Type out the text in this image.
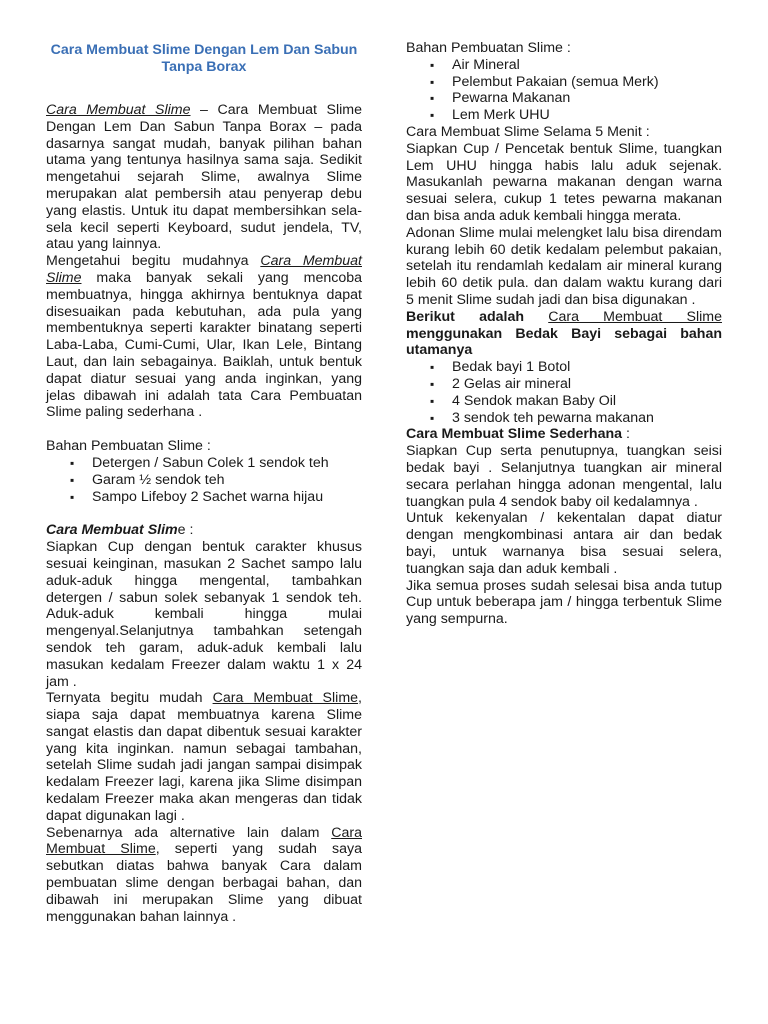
Cara Membuat Slime Dengan Lem Dan Sabun Tanpa Borax

Cara Membuat Slime – Cara Membuat Slime Dengan Lem Dan Sabun Tanpa Borax – pada dasarnya sangat mudah, banyak pilihan bahan utama yang tentunya hasilnya sama saja. Sedikit mengetahui sejarah Slime, awalnya Slime merupakan alat pembersih atau penyerap debu yang elastis. Untuk itu dapat membersihkan sela-sela kecil seperti Keyboard, sudut jendela, TV, atau yang lainnya.

Mengetahui begitu mudahnya Cara Membuat Slime maka banyak sekali yang mencoba membuatnya, hingga akhirnya bentuknya dapat disesuaikan pada kebutuhan, ada pula yang membentuknya seperti karakter binatang seperti Laba-Laba, Cumi-Cumi, Ular, Ikan Lele, Bintang Laut, dan lain sebagainya. Baiklah, untuk bentuk dapat diatur sesuai yang anda inginkan, yang jelas dibawah ini adalah tata Cara Pembuatan Slime paling sederhana .

Bahan Pembuatan Slime :

▪ Detergen / Sabun Colek 1 sendok teh
▪ Garam ½ sendok teh
▪ Sampo Lifeboy 2 Sachet warna hijau

Cara Membuat Slime :

Siapkan Cup dengan bentuk carakter khusus sesuai keinginan, masukan 2 Sachet sampo lalu aduk-aduk hingga mengental, tambahkan detergen / sabun solek sebanyak 1 sendok teh. Aduk-aduk kembali hingga mulai mengenyal.Selanjutnya tambahkan setengah sendok teh garam, aduk-aduk kembali lalu masukan kedalam Freezer dalam waktu 1 x 24 jam .

Ternyata begitu mudah Cara Membuat Slime, siapa saja dapat membuatnya karena Slime sangat elastis dan dapat dibentuk sesuai karakter yang kita inginkan. namun sebagai tambahan, setelah Slime sudah jadi jangan sampai disimpak kedalam Freezer lagi, karena jika Slime disimpan kedalam Freezer maka akan mengeras dan tidak dapat digunakan lagi .

Sebenarnya ada alternative lain dalam Cara Membuat Slime, seperti yang sudah saya sebutkan diatas bahwa banyak Cara dalam pembuatan slime dengan berbagai bahan, dan dibawah ini merupakan Slime yang dibuat menggunakan bahan lainnya .

Bahan Pembuatan Slime :

▪ Air Mineral
▪ Pelembut Pakaian (semua Merk)
▪ Pewarna Makanan
▪ Lem Merk UHU

Cara Membuat Slime Selama 5 Menit :

Siapkan Cup / Pencetak bentuk Slime, tuangkan Lem UHU hingga habis lalu aduk sejenak. Masukanlah pewarna makanan dengan warna sesuai selera, cukup 1 tetes pewarna makanan dan bisa anda aduk kembali hingga merata.

Adonan Slime mulai melengket lalu bisa direndam kurang lebih 60 detik kedalam pelembut pakaian, setelah itu rendamlah kedalam air mineral kurang lebih 60 detik pula. dan dalam waktu kurang dari 5 menit Slime sudah jadi dan bisa digunakan .

Berikut adalah Cara Membuat Slime menggunakan Bedak Bayi sebagai bahan utamanya

▪ Bedak bayi 1 Botol
▪ 2 Gelas air mineral
▪ 4 Sendok makan Baby Oil
▪ 3 sendok teh pewarna makanan

Cara Membuat Slime Sederhana :

Siapkan Cup serta penutupnya, tuangkan seisi bedak bayi . Selanjutnya tuangkan air mineral secara perlahan hingga adonan mengental, lalu tuangkan pula 4 sendok baby oil kedalamnya .

Untuk kekenyalan / kekentalan dapat diatur dengan mengkombinasi antara air dan bedak bayi, untuk warnanya bisa sesuai selera, tuangkan saja dan aduk kembali .

Jika semua proses sudah selesai bisa anda tutup Cup untuk beberapa jam / hingga terbentuk Slime yang sempurna.
